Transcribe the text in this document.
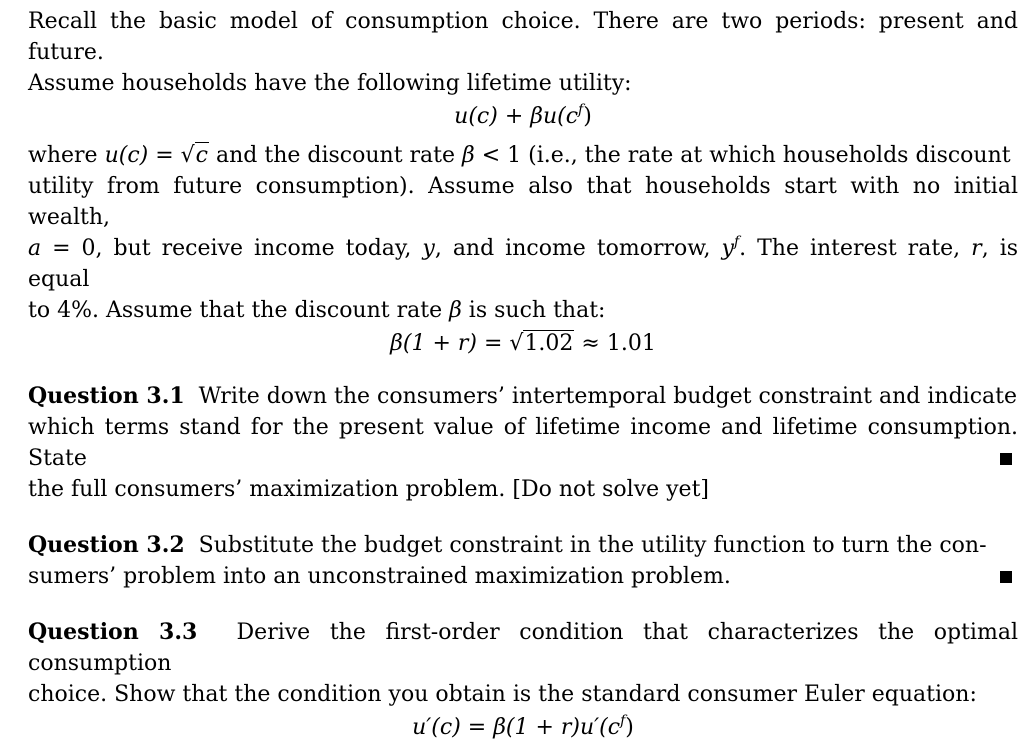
Recall the basic model of consumption choice. There are two periods: present and future.
Assume households have the following lifetime utility:

$u(c) + \beta u(c^f)$

where u(c) = √c and the discount rate β < 1 (i.e., the rate at which households discount
utility from future consumption). Assume also that households start with no initial wealth,
a = 0, but receive income today, y, and income tomorrow, $y^f$. The interest rate, r, is equal
to 4%. Assume that the discount rate β is such that:

β(1 + r) = √1.02 ≈ 1.01

Question 3.1 Write down the consumers’ intertemporal budget constraint and indicate
which terms stand for the present value of lifetime income and lifetime consumption. State
the full consumers’ maximization problem. [Do not solve yet]

Question 3.2 Substitute the budget constraint in the utility function to turn the con-
sumers’ problem into an unconstrained maximization problem.

Question 3.3 Derive the first-order condition that characterizes the optimal consumption
choice. Show that the condition you obtain is the standard consumer Euler equation:

$u'(c) = \beta(1 + r)u'(c^f)$
